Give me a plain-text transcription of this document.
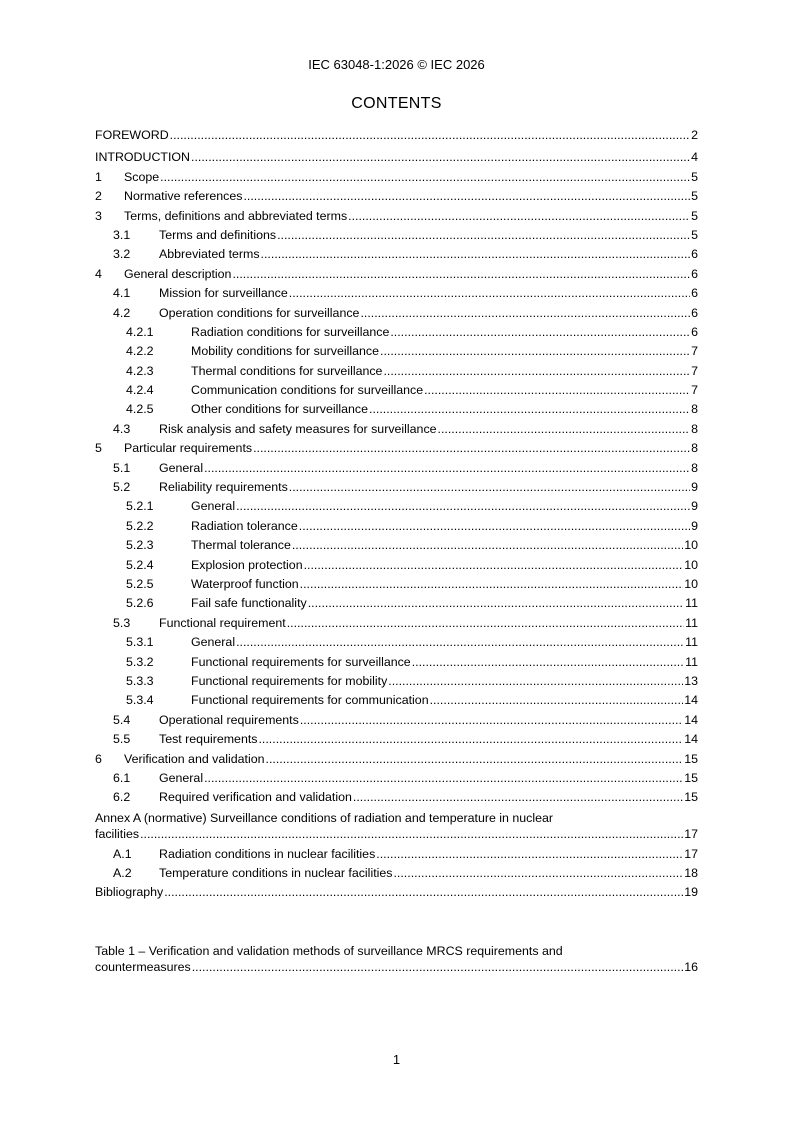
IEC 63048-1:2026 © IEC 2026
CONTENTS
FOREWORD .....	2
INTRODUCTION .....	4
1	Scope .....	5
2	Normative references .....	5
3	Terms, definitions and abbreviated terms .....	5
3.1	Terms and definitions .....	5
3.2	Abbreviated terms .....	6
4	General description .....	6
4.1	Mission for surveillance .....	6
4.2	Operation conditions for surveillance .....	6
4.2.1	Radiation conditions for surveillance .....	6
4.2.2	Mobility conditions for surveillance .....	7
4.2.3	Thermal conditions for surveillance .....	7
4.2.4	Communication conditions for surveillance .....	7
4.2.5	Other conditions for surveillance .....	8
4.3	Risk analysis and safety measures for surveillance .....	8
5	Particular requirements .....	8
5.1	General .....	8
5.2	Reliability requirements .....	9
5.2.1	General .....	9
5.2.2	Radiation tolerance .....	9
5.2.3	Thermal tolerance .....	10
5.2.4	Explosion protection .....	10
5.2.5	Waterproof function .....	10
5.2.6	Fail safe functionality .....	11
5.3	Functional requirement .....	11
5.3.1	General .....	11
5.3.2	Functional requirements for surveillance .....	11
5.3.3	Functional requirements for mobility .....	13
5.3.4	Functional requirements for communication .....	14
5.4	Operational requirements .....	14
5.5	Test requirements .....	14
6	Verification and validation .....	15
6.1	General .....	15
6.2	Required verification and validation .....	15
Annex A (normative) Surveillance conditions of radiation and temperature in nuclear
facilities .....	17
A.1	Radiation conditions in nuclear facilities .....	17
A.2	Temperature conditions in nuclear facilities .....	18
Bibliography .....	19
Table 1 – Verification and validation methods of surveillance MRCS requirements and
countermeasures .....	16
1
